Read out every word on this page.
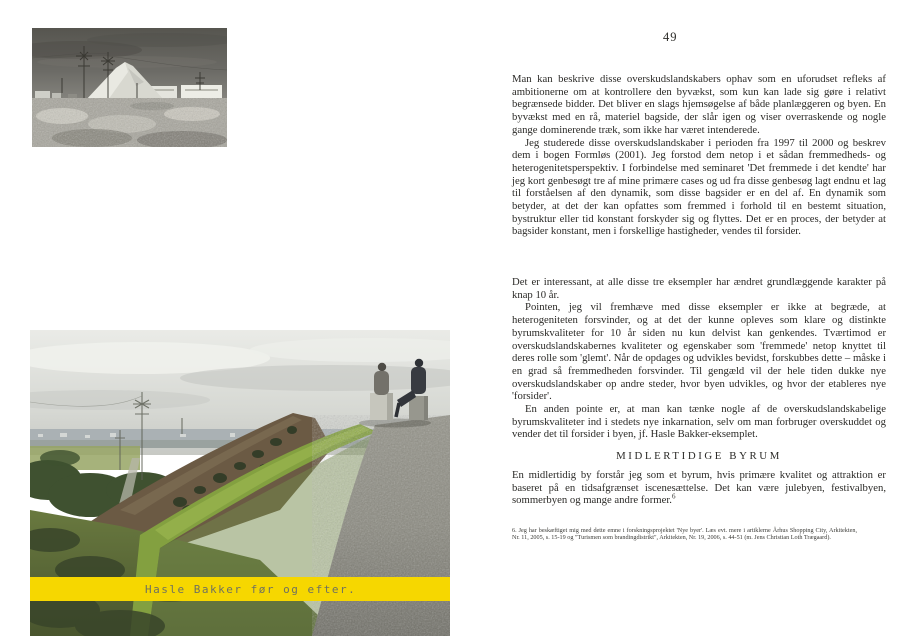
Hasle Bakker før og efter.
49

Man kan beskrive disse overskudslandskabers ophav som en uforudset refleks af ambitionerne om at kontrollere den byvækst, som kun kan lade sig gøre i relativt begrænsede bidder. Det bliver en slags hjemsøgelse af både planlæggeren og byen. En byvækst med en rå, materiel bagside, der slår igen og viser overraskende og nogle gange dominerende træk, som ikke har været intenderede.

Jeg studerede disse overskudslandskaber i perioden fra 1997 til 2000 og beskrev dem i bogen Formløs (2001). Jeg forstod dem netop i et sådan fremmedheds- og heterogenitetsperspektiv. I forbindelse med seminaret 'Det fremmede i det kendte' har jeg kort genbesøgt tre af mine primære cases og ud fra disse genbesøg lagt endnu et lag til forståelsen af den dynamik, som disse bagsider er en del af. En dynamik som betyder, at det der kan opfattes som fremmed i forhold til en bestemt situation, bystruktur eller tid konstant forskyder sig og flyttes. Det er en proces, der betyder at bagsider konstant, men i forskellige hastigheder, vendes til forsider.

Det er interessant, at alle disse tre eksempler har ændret grundlæggende karakter på knap 10 år.

Pointen, jeg vil fremhæve med disse eksempler er ikke at begræde, at heterogeniteten forsvinder, og at det der kunne opleves som klare og distinkte byrumskvaliteter for 10 år siden nu kun delvist kan genkendes. Tværtimod er overskudslandskabernes kvaliteter og egenskaber som 'fremmede' netop knyttet til deres rolle som 'glemt'. Når de opdages og udvikles bevidst, forskubbes dette – måske i en grad så fremmedheden forsvinder. Til gengæld vil der hele tiden dukke nye overskudslandskaber op andre steder, hvor byen udvikles, og hvor der etableres nye 'forsider'.

En anden pointe er, at man kan tænke nogle af de overskudslandskabelige byrumskvaliteter ind i stedets nye inkarnation, selv om man forbruger overskuddet og vender det til forsider i byen, jf. Hasle Bakker-eksemplet.

MIDLERTIDIGE BYRUM

En midlertidig by forstår jeg som et byrum, hvis primære kvalitet og attraktion er baseret på en tidsafgrænset iscenesættelse. Det kan være julebyen, festivalbyen, sommerbyen og mange andre former.$^6$

6. Jeg har beskæftiget mig med dette emne i forskningsprojektet 'Nye byer'. Læs evt. mere i artiklerne Århus Shopping City, Arkitekten, Nr. 11, 2005, s. 15-19 og "Turismen som brandingdistrikt", Arkitekten, Nr. 19, 2006, s. 44-51 (m. Jens Christian Loth Trægaard).
